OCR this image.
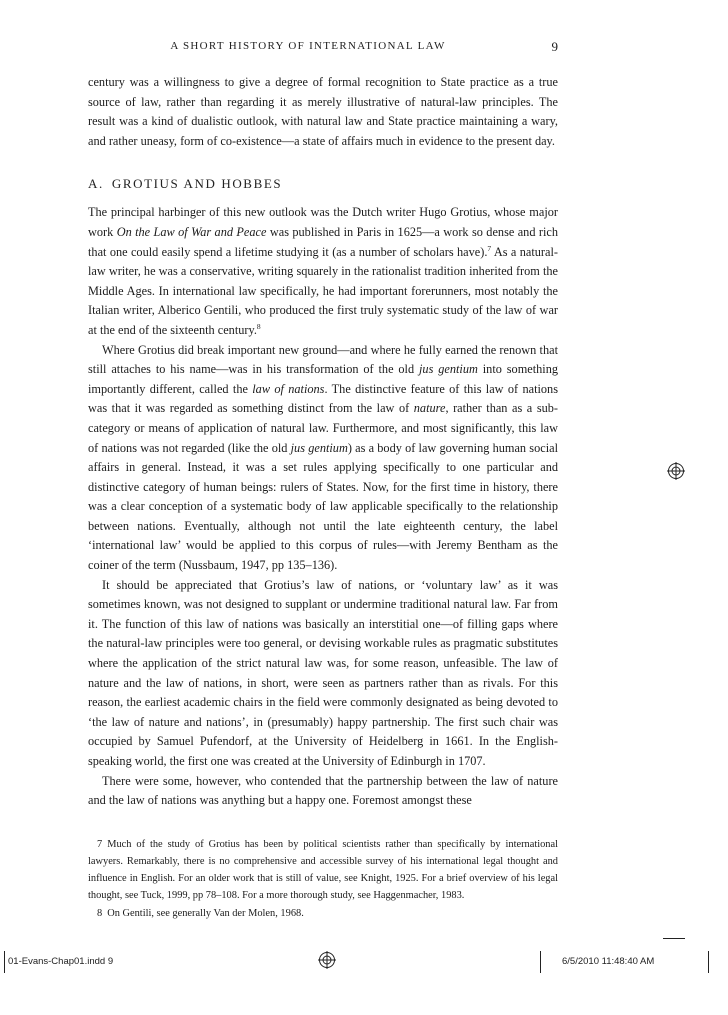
A SHORT HISTORY OF INTERNATIONAL LAW	9

century was a willingness to give a degree of formal recognition to State practice as a true source of law, rather than regarding it as merely illustrative of natural-law principles. The result was a kind of dualistic outlook, with natural law and State practice maintaining a wary, and rather uneasy, form of co-existence—a state of affairs much in evidence to the present day.

A. GROTIUS AND HOBBES

The principal harbinger of this new outlook was the Dutch writer Hugo Grotius, whose major work On the Law of War and Peace was published in Paris in 1625—a work so dense and rich that one could easily spend a lifetime studying it (as a number of scholars have).$^7$ As a natural-law writer, he was a conservative, writing squarely in the rationalist tradition inherited from the Middle Ages. In international law specifically, he had important forerunners, most notably the Italian writer, Alberico Gentili, who produced the first truly systematic study of the law of war at the end of the sixteenth century.$^8$

Where Grotius did break important new ground—and where he fully earned the renown that still attaches to his name—was in his transformation of the old jus gentium into something importantly different, called the law of nations. The distinctive feature of this law of nations was that it was regarded as something distinct from the law of nature, rather than as a sub-category or means of application of natural law. Furthermore, and most significantly, this law of nations was not regarded (like the old jus gentium) as a body of law governing human social affairs in general. Instead, it was a set rules applying specifically to one particular and distinctive category of human beings: rulers of States. Now, for the first time in history, there was a clear conception of a systematic body of law applicable specifically to the relationship between nations. Eventually, although not until the late eighteenth century, the label ‘international law’ would be applied to this corpus of rules—with Jeremy Bentham as the coiner of the term (Nussbaum, 1947, pp 135–136).

It should be appreciated that Grotius’s law of nations, or ‘voluntary law’ as it was sometimes known, was not designed to supplant or undermine traditional natural law. Far from it. The function of this law of nations was basically an interstitial one—of filling gaps where the natural-law principles were too general, or devising workable rules as pragmatic substitutes where the application of the strict natural law was, for some reason, unfeasible. The law of nature and the law of nations, in short, were seen as partners rather than as rivals. For this reason, the earliest academic chairs in the field were commonly designated as being devoted to ‘the law of nature and nations’, in (presumably) happy partnership. The first such chair was occupied by Samuel Pufendorf, at the University of Heidelberg in 1661. In the English-speaking world, the first one was created at the University of Edinburgh in 1707.

There were some, however, who contended that the partnership between the law of nature and the law of nations was anything but a happy one. Foremost amongst these

7 Much of the study of Grotius has been by political scientists rather than specifically by international lawyers. Remarkably, there is no comprehensive and accessible survey of his international legal thought and influence in English. For an older work that is still of value, see Knight, 1925. For a brief overview of his legal thought, see Tuck, 1999, pp 78–108. For a more thorough study, see Haggenmacher, 1983.

8 On Gentili, see generally Van der Molen, 1968.

01-Evans-Chap01.indd 9	6/5/2010 11:48:40 AM
